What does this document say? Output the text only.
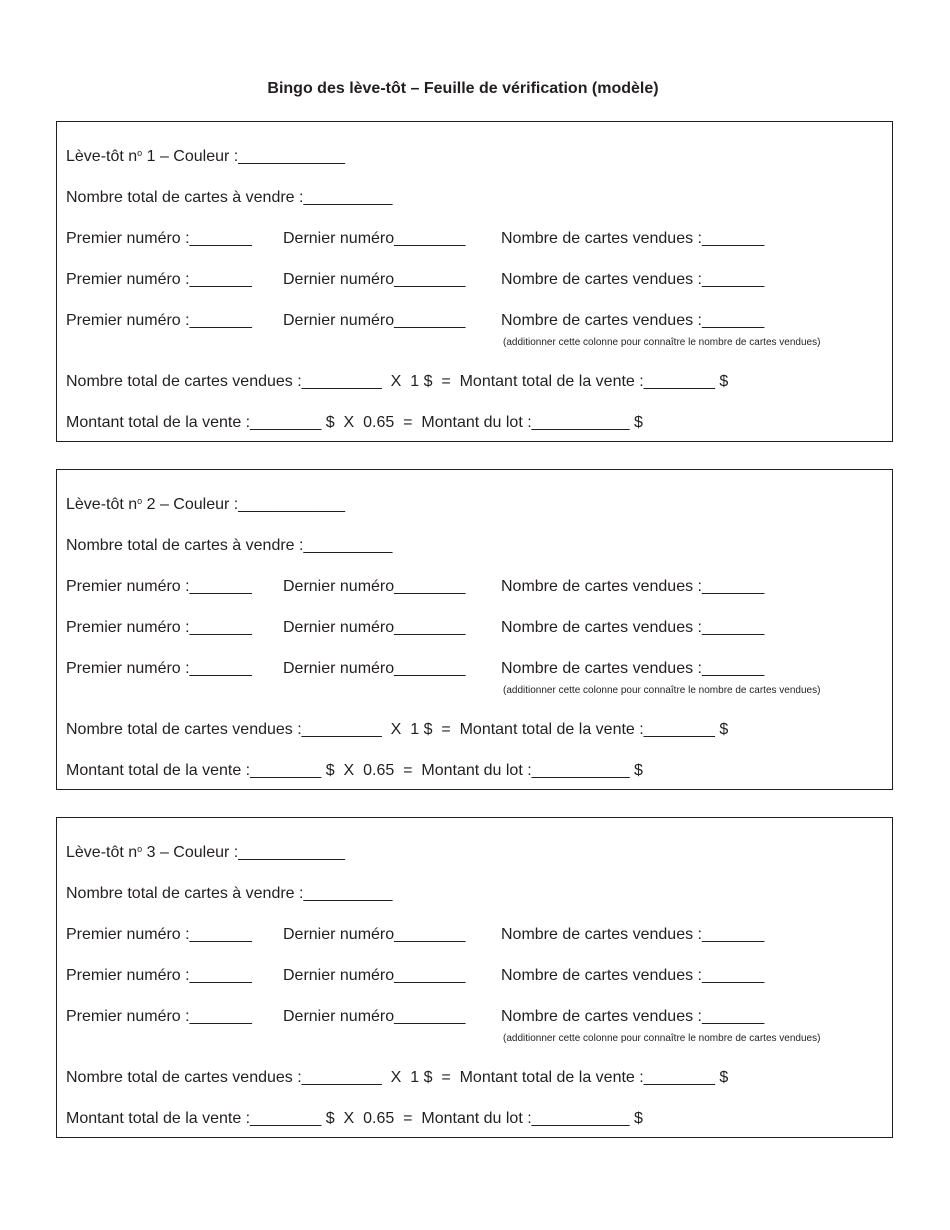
Bingo des lève-tôt – Feuille de vérification (modèle)
Lève-tôt $n^o$ 1 – Couleur :____________
Nombre total de cartes à vendre :__________

Premier numéro :_______

Dernier numéro________

Nombre de cartes vendues :_______

Premier numéro :_______

Dernier numéro________

Nombre de cartes vendues :_______

Premier numéro :_______

Dernier numéro________

Nombre de cartes vendues :_______

(additionner cette colonne pour connaître le nombre de cartes vendues)
Nombre total de cartes vendues :_________  X  1 $  =  Montant total de la vente :________ $
Montant total de la vente :________ $  X  0.65  =  Montant du lot :___________ $
Lève-tôt $n^o$ 2 – Couleur :____________
Nombre total de cartes à vendre :__________

Premier numéro :_______

Dernier numéro________

Nombre de cartes vendues :_______

Premier numéro :_______

Dernier numéro________

Nombre de cartes vendues :_______

Premier numéro :_______

Dernier numéro________

Nombre de cartes vendues :_______

(additionner cette colonne pour connaître le nombre de cartes vendues)
Nombre total de cartes vendues :_________  X  1 $  =  Montant total de la vente :________ $
Montant total de la vente :________ $  X  0.65  =  Montant du lot :___________ $
Lève-tôt $n^o$ 3 – Couleur :____________
Nombre total de cartes à vendre :__________

Premier numéro :_______

Dernier numéro________

Nombre de cartes vendues :_______

Premier numéro :_______

Dernier numéro________

Nombre de cartes vendues :_______

Premier numéro :_______

Dernier numéro________

Nombre de cartes vendues :_______

(additionner cette colonne pour connaître le nombre de cartes vendues)
Nombre total de cartes vendues :_________  X  1 $  =  Montant total de la vente :________ $
Montant total de la vente :________ $  X  0.65  =  Montant du lot :___________ $
